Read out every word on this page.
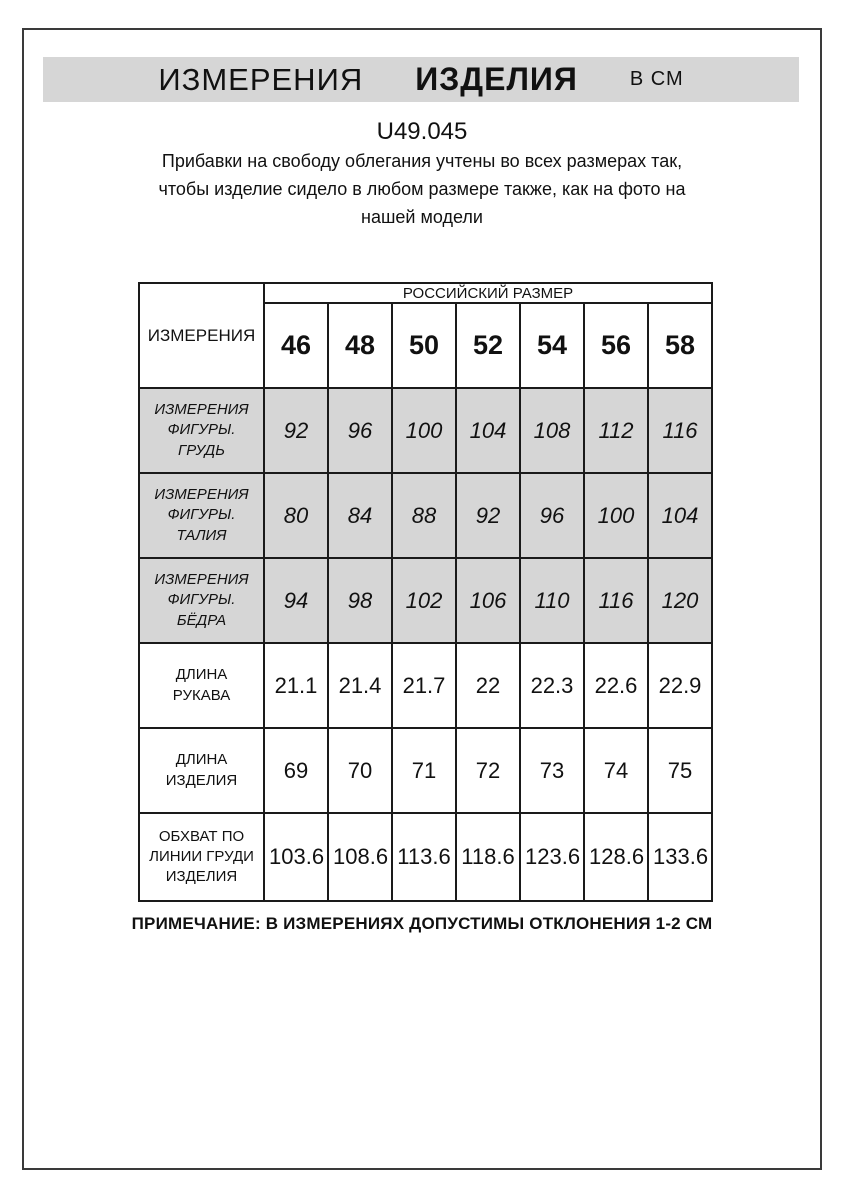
ИЗМЕРЕНИЯ ИЗДЕЛИЯ	В СМ
U49.045
Прибавки на свободу облегания учтены во всех размерах так,
чтобы изделие сидело в любом размере также, как на фото на
нашей модели
ИЗМЕРЕНИЯ	РОССИЙСКИЙ РАЗМЕР						
	46	48	50	52	54	56	58
ИЗМЕРЕНИЯ ФИГУРЫ. ГРУДЬ	92	96	100	104	108	112	116
ИЗМЕРЕНИЯ ФИГУРЫ. ТАЛИЯ	80	84	88	92	96	100	104
ИЗМЕРЕНИЯ ФИГУРЫ. БЁДРА	94	98	102	106	110	116	120
ДЛИНА РУКАВА	21.1	21.4	21.7	22	22.3	22.6	22.9
ДЛИНА ИЗДЕЛИЯ	69	70	71	72	73	74	75
ОБХВАТ ПО ЛИНИИ ГРУДИ ИЗДЕЛИЯ	103.6	108.6	113.6	118.6	123.6	128.6	133.6
ПРИМЕЧАНИЕ: В ИЗМЕРЕНИЯХ ДОПУСТИМЫ ОТКЛОНЕНИЯ 1-2 СМ
